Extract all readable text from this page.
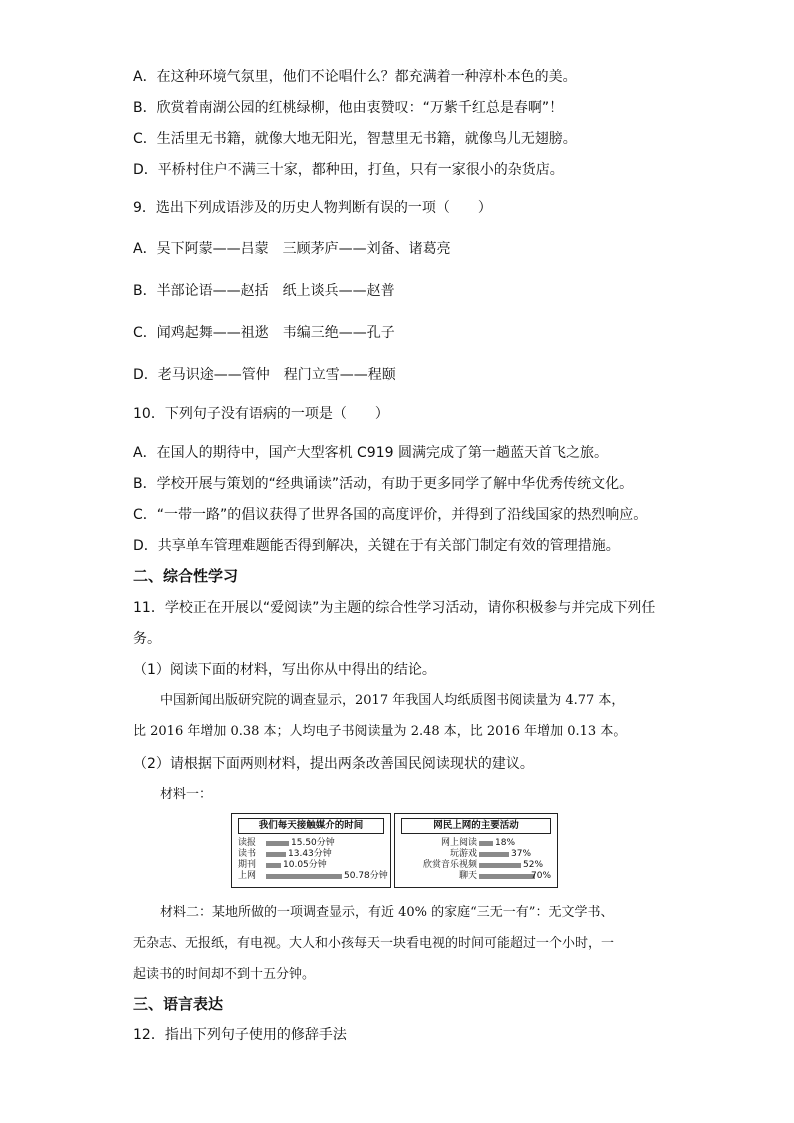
A．在这种环境气氛里，他们不论唱什么？都充满着一种淳朴本色的美。
B．欣赏着南湖公园的红桃绿柳，他由衷赞叹：“万紫千红总是春啊”！
C．生活里无书籍，就像大地无阳光，智慧里无书籍，就像鸟儿无翅膀。
D．平桥村住户不满三十家，都种田，打鱼，只有一家很小的杂货店。
9．选出下列成语涉及的历史人物判断有误的一项（　　）
A．吴下阿蒙——吕蒙　三顾茅庐——刘备、诸葛亮
B．半部论语——赵括　纸上谈兵——赵普
C．闻鸡起舞——祖逖　韦编三绝——孔子
D．老马识途——管仲　程门立雪——程颐
10．下列句子没有语病的一项是（　　）
A．在国人的期待中，国产大型客机 C919 圆满完成了第一趟蓝天首飞之旅。
B．学校开展与策划的“经典诵读”活动，有助于更多同学了解中华优秀传统文化。
C．“一带一路”的倡议获得了世界各国的高度评价，并得到了沿线国家的热烈响应。
D．共享单车管理难题能否得到解决，关键在于有关部门制定有效的管理措施。
二、综合性学习
11．学校正在开展以“爱阅读”为主题的综合性学习活动，请你积极参与并完成下列任
务。
（1）阅读下面的材料，写出你从中得出的结论。
中国新闻出版研究院的调查显示，2017 年我国人均纸质图书阅读量为 4.77 本，
比 2016 年增加 0.38 本；人均电子书阅读量为 2.48 本，比 2016 年增加 0.13 本。
（2）请根据下面两则材料，提出两条改善国民阅读现状的建议。
材料一：
我们每天接触媒介的时间
读报	15.50分钟
读书	13.43分钟
期刊	10.05分钟
上网	50.78分钟
网民上网的主要活动
网上阅读 18%
玩游戏	37%
欣赏音乐视频	52%
聊天	70%
材料二：某地所做的一项调查显示，有近 40% 的家庭“三无一有”：无文学书、
无杂志、无报纸，有电视。大人和小孩每天一块看电视的时间可能超过一个小时，一
起读书的时间却不到十五分钟。
三、语言表达
12．指出下列句子使用的修辞手法
